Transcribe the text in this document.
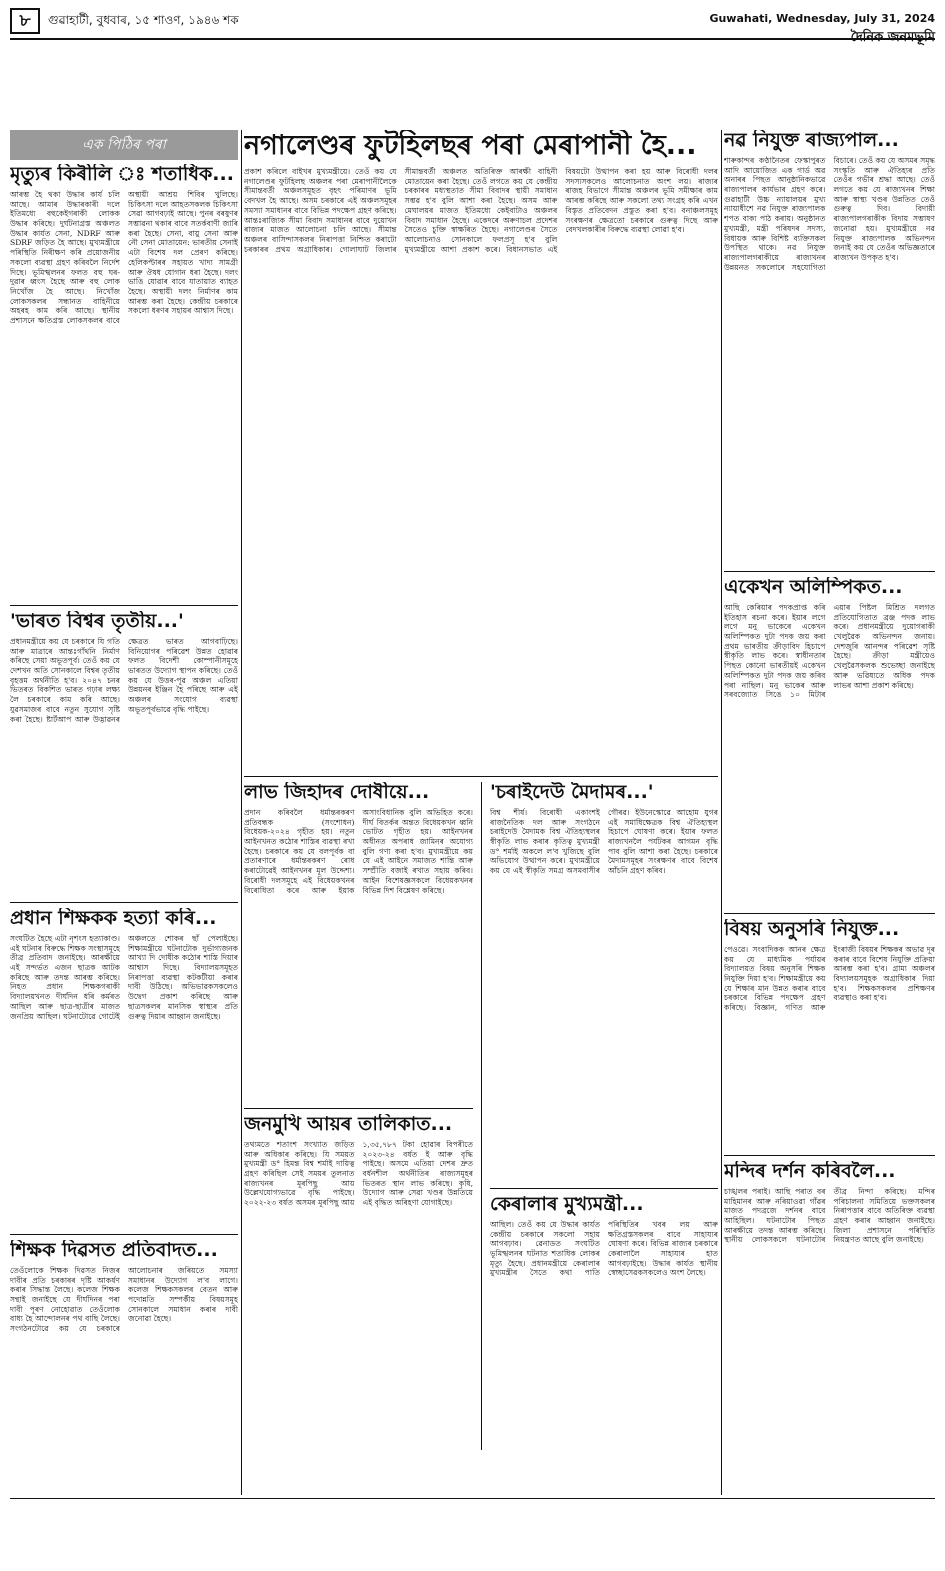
৮	গুৱাহাটী, বুধবাৰ, ১৫ শাওণ, ১৯৪৬ শক	Guwahati, Wednesday, July 31, 2024
এক পিঠিৰ পৰা
মৃত্যুৰ কিৰীলি ঃ শতাধিক...
আৰম্ভ হৈ থকা উদ্ধাৰ কাৰ্য চলি আছে। আমাৰ উদ্ধাৰকাৰী দলে ইতিমধ্যে বহুকেইগৰাকী লোকক উদ্ধাৰ কৰিছে। দুৰ্ঘটনাগ্ৰস্ত অঞ্চলত উদ্ধাৰ কাৰ্যত সেনা, NDRF আৰু SDRF জড়িত হৈ আছে। মুখ্যমন্ত্ৰীয়ে পৰিস্থিতি নিৰীক্ষণ কৰি প্ৰয়োজনীয় সকলো ব্যৱস্থা গ্ৰহণ কৰিবলৈ নিৰ্দেশ দিছে। ভূমিস্খলনৰ ফলত বহু ঘৰ-দুৱাৰ ধ্বংস হৈছে আৰু বহু লোক নিখোঁজ হৈ আছে। নিখোঁজ লোকসকলৰ সন্ধানত বাহিনীয়ে অহৰহ কাম কৰি আছে। স্থানীয় প্ৰশাসনে ক্ষতিগ্ৰস্ত লোকসকলৰ বাবে অস্থায়ী আশ্ৰয় শিবিৰ খুলিছে। চিকিৎসা দলে আহতসকলক চিকিৎসা সেৱা আগবঢ়াই আছে। পুনৰ বৰষুণৰ সম্ভাৱনা থকাৰ বাবে সতৰ্কবাণী জাৰি কৰা হৈছে। সেনা, বায়ু সেনা আৰু নৌ সেনা মোতায়েন: ভাৰতীয় সেনাই এটা বিশেষ দল প্ৰেৰণ কৰিছে। হেলিকপ্টাৰৰ সহায়ত খাদ্য সামগ্ৰী আৰু ঔষধ যোগান ধৰা হৈছে। দলং ভাঙি যোৱাৰ বাবে যাতায়াত ব্যাহত হৈছে। অস্থায়ী দলং নিৰ্মাণৰ কাম আৰম্ভ কৰা হৈছে। কেন্দ্ৰীয় চৰকাৰে সকলো ধৰণৰ সহায়ৰ আশ্বাস দিছে।
'ভাৰত বিশ্বৰ তৃতীয়...'
প্ৰধানমন্ত্ৰীয়ে কয় যে চৰকাৰে যি গতি আৰু মাত্ৰাৰে আন্তঃগাঁথনি নিৰ্মাণ কৰিছে সেয়া অভূতপূৰ্ব। তেওঁ কয় যে দেশখন অতি সোনকালে বিশ্বৰ তৃতীয় বৃহত্তম অৰ্থনীতি হ'ব। ২০৪৭ চনৰ ভিতৰত বিকশিত ভাৰত গঢ়াৰ লক্ষ্য লৈ চৰকাৰে কাম কৰি আছে। যুৱসমাজৰ বাবে নতুন সুযোগ সৃষ্টি কৰা হৈছে। ষ্টাৰ্টআপ আৰু উদ্ভাৱনৰ ক্ষেত্ৰত ভাৰত আগবাঢ়িছে। বিনিয়োগৰ পৰিৱেশ উন্নত হোৱাৰ ফলত বিদেশী কোম্পানীসমূহে ভাৰতত উদ্যোগ স্থাপন কৰিছে। তেওঁ কয় যে উত্তৰ-পূৱ অঞ্চল এতিয়া উন্নয়নৰ ইঞ্জিন হৈ পৰিছে আৰু এই অঞ্চলৰ সংযোগ ব্যৱস্থা অভূতপূৰ্বভাৱে বৃদ্ধি পাইছে।
প্ৰধান শিক্ষকক হত্যা কৰি...
সংঘটিত হৈছে এটা নৃশংস হত্যাকাণ্ড। এই ঘটনাৰ বিৰুদ্ধে শিক্ষক সংস্থাসমূহে তীব্ৰ প্ৰতিবাদ জনাইছে। আৰক্ষীয়ে এই সন্দৰ্ভত এজন ছাত্ৰক আটক কৰিছে আৰু তদন্ত আৰম্ভ কৰিছে। নিহত প্ৰধান শিক্ষকগৰাকী বিদ্যালয়খনত দীৰ্ঘদিন ধৰি কৰ্মৰত আছিল আৰু ছাত্ৰ-ছাত্ৰীৰ মাজত জনপ্ৰিয় আছিল। ঘটনাটোৱে গোটেই অঞ্চলতে শোকৰ ছাঁ পেলাইছে। শিক্ষামন্ত্ৰীয়ে ঘটনাটোক দুৰ্ভাগ্যজনক আখ্যা দি দোষীক কঠোৰ শাস্তি দিয়াৰ আশ্বাস দিছে। বিদ্যালয়সমূহত নিৰাপত্তা ব্যৱস্থা কটকটীয়া কৰাৰ দাবী উঠিছে। অভিভাৱকসকলেও উদ্বেগ প্ৰকাশ কৰিছে আৰু ছাত্ৰসকলৰ মানসিক স্বাস্থ্যৰ প্ৰতি গুৰুত্ব দিয়াৰ আহ্বান জনাইছে।
শিক্ষক দিৱসত প্ৰতিবাদত...
তেওঁলোকে শিক্ষক দিৱসত নিজৰ দাবীৰ প্ৰতি চৰকাৰৰ দৃষ্টি আকৰ্ষণ কৰাৰ সিদ্ধান্ত লৈছে। কলেজ শিক্ষক সন্থাই জনাইছে যে দীৰ্ঘদিনৰ পৰা দাবী পূৰণ নোহোৱাত তেওঁলোক বাধ্য হৈ আন্দোলনৰ পথ বাছি লৈছে। সংগঠনটোৱে কয় যে চৰকাৰে আলোচনাৰ জৰিয়তে সমস্যা সমাধানৰ উদ্যোগ ল'ব লাগে। কলেজ শিক্ষকসকলৰ বেতন আৰু পদোন্নতি সম্পৰ্কীয় বিষয়সমূহ সোনকালে সমাধান কৰাৰ দাবী জনোৱা হৈছে।
নগালেণ্ডৰ ফুটহিলছৰ পৰা মেৰাপানী হৈ...
প্ৰকাশ কৰিলে বাইখৰ মুখ্যমন্ত্ৰীয়ে। তেওঁ কয় যে নগালেণ্ডৰ ফুটহিলছ অঞ্চলৰ পৰা মেৰাপানীলৈকে সীমান্তবৰ্তী অঞ্চলসমূহত বৃহৎ পৰিমাণৰ ভূমি বেদখল হৈ আছে। অসম চৰকাৰে এই অঞ্চলসমূহৰ সমস্যা সমাধানৰ বাবে বিভিন্ন পদক্ষেপ গ্ৰহণ কৰিছে। আন্তঃৰাজ্যিক সীমা বিবাদ সমাধানৰ বাবে দুয়োখন ৰাজ্যৰ মাজত আলোচনা চলি আছে। সীমান্ত অঞ্চলৰ বাসিন্দাসকলৰ নিৰাপত্তা নিশ্চিত কৰাটো চৰকাৰৰ প্ৰথম অগ্ৰাধিকাৰ। গোলাঘাট জিলাৰ সীমান্তবৰ্তী অঞ্চলত অতিৰিক্ত আৰক্ষী বাহিনী মোতায়েন কৰা হৈছে। তেওঁ লগতে কয় যে কেন্দ্ৰীয় চৰকাৰৰ মধ্যস্থতাত সীমা বিবাদৰ স্থায়ী সমাধান সম্ভৱ হ'ব বুলি আশা কৰা হৈছে। অসম আৰু মেঘালয়ৰ মাজত ইতিমধ্যে কেইবাটাও অঞ্চলৰ বিবাদ সমাধান হৈছে। একেদৰে অৰুণাচল প্ৰদেশৰ সৈতেও চুক্তি স্বাক্ষৰিত হৈছে। নগালেণ্ডৰ সৈতে আলোচনাও সোনকালে ফলপ্ৰসূ হ'ব বুলি মুখ্যমন্ত্ৰীয়ে আশা প্ৰকাশ কৰে। বিধানসভাত এই বিষয়টো উত্থাপন কৰা হয় আৰু বিৰোধী দলৰ সদস্যসকলেও আলোচনাত অংশ লয়। ৰাজ্যৰ ৰাজহ বিভাগে সীমান্ত অঞ্চলৰ ভূমি সমীক্ষাৰ কাম আৰম্ভ কৰিছে আৰু সকলো তথ্য সংগ্ৰহ কৰি এখন বিস্তৃত প্ৰতিবেদন প্ৰস্তুত কৰা হ'ব। বনাঞ্চলসমূহ সংৰক্ষণৰ ক্ষেত্ৰতো চৰকাৰে গুৰুত্ব দিছে আৰু বেদখলকাৰীৰ বিৰুদ্ধে ব্যৱস্থা লোৱা হ'ব।
লাভ জিহাদৰ দোষীয়ে...
প্ৰদান কৰিবলৈ ধৰ্মান্তৰকৰণ প্ৰতিবন্ধক (সংশোধন) বিধেয়ক-২০২৪ গৃহীত হয়। নতুন আইনখনত কঠোৰ শাস্তিৰ ব্যৱস্থা ৰখা হৈছে। চৰকাৰে কয় যে বলপূৰ্বক বা প্ৰতাৰণাৰে ধৰ্মান্তৰকৰণ ৰোধ কৰাটোৱেই আইনখনৰ মূল উদ্দেশ্য। বিৰোধী দলসমূহে এই বিধেয়কখনৰ বিৰোধিতা কৰে আৰু ইয়াক অসাংবিধানিক বুলি অভিহিত কৰে। দীৰ্ঘ বিতৰ্কৰ অন্তত বিধেয়কখন ধ্বনি ভোটত গৃহীত হয়। আইনখনৰ অধীনত অপৰাধ জামিনৰ অযোগ্য বুলি গণ্য কৰা হ'ব। মুখ্যমন্ত্ৰীয়ে কয় যে এই আইনে সমাজত শান্তি আৰু সম্প্ৰীতি বজাই ৰখাত সহায় কৰিব। আইন বিশেষজ্ঞসকলে বিধেয়কখনৰ বিভিন্ন দিশ বিশ্লেষণ কৰিছে।
জনমুখি আয়ৰ তালিকাত...
তথ্যমতে শতাংশ সংখ্যাত জড়িত আৰু অধিকাৰ কৰিছে। যি সময়ত মুখ্যমন্ত্ৰী ড° হিমন্ত বিশ্ব শৰ্মাই দায়িত্ব গ্ৰহণ কৰিছিল সেই সময়ৰ তুলনাত ৰাজ্যখনৰ মূৰপিছু আয় উল্লেখযোগ্যভাৱে বৃদ্ধি পাইছে। ২০২২-২৩ বৰ্ষত অসমৰ মূৰপিছু আয় ১,৩৫,৭৮৭ টকা হোৱাৰ বিপৰীতে ২০২৩-২৪ বৰ্ষত ই আৰু বৃদ্ধি পাইছে। অসমে এতিয়া দেশৰ দ্ৰুত বৰ্ধনশীল অৰ্থনীতিৰ ৰাজ্যসমূহৰ ভিতৰত স্থান লাভ কৰিছে। কৃষি, উদ্যোগ আৰু সেৱা খণ্ডৰ উন্নতিয়ে এই বৃদ্ধিত অৰিহণা যোগাইছে।
'চৰাইদেউ মৈদামৰ...'
বিশ্ব শীৰ্ষ। বিৰোধী একাংশই ৰাজনৈতিক দল আৰু সংগঠনে চৰাইদেউ মৈদামক বিশ্ব ঐতিহ্যস্থলৰ স্বীকৃতি লাভ কৰাৰ কৃতিত্ব মুখ্যমন্ত্ৰী ড° শৰ্মাই অকলে ল'ব খুজিছে বুলি অভিযোগ উত্থাপন কৰে। মুখ্যমন্ত্ৰীয়ে কয় যে এই স্বীকৃতি সমগ্ৰ অসমবাসীৰ গৌৰৱ। ইউনেস্কোৱে আহোম যুগৰ এই সমাধিক্ষেত্ৰক বিশ্ব ঐতিহ্যস্থল হিচাপে ঘোষণা কৰে। ইয়াৰ ফলত ৰাজ্যখনলৈ পৰ্যটকৰ আগমন বৃদ্ধি পাব বুলি আশা কৰা হৈছে। চৰকাৰে মৈদামসমূহৰ সংৰক্ষণৰ বাবে বিশেষ আঁচনি গ্ৰহণ কৰিব।
কেৰালাৰ মুখ্যমন্ত্ৰী...
আছিল। তেওঁ কয় যে উদ্ধাৰ কাৰ্যত কেন্দ্ৰীয় চৰকাৰে সকলো সহায় আগবঢ়াব। ৱেনাডত সংঘটিত ভূমিস্খলনৰ ঘটনাত শতাধিক লোকৰ মৃত্যু হৈছে। প্ৰধানমন্ত্ৰীয়ে কেৰালাৰ মুখ্যমন্ত্ৰীৰ সৈতে কথা পাতি পৰিস্থিতিৰ খবৰ লয় আৰু ক্ষতিগ্ৰস্তসকলৰ বাবে সাহায্যৰ ঘোষণা কৰে। বিভিন্ন ৰাজ্যৰ চৰকাৰে কেৰালালৈ সাহায্যৰ হাত আগবঢ়াইছে। উদ্ধাৰ কাৰ্যত স্থানীয় স্বেচ্ছাসেৱকসকলেও অংশ লৈছে।
নৱ নিযুক্ত ৰাজ্যপাল...
শাৰুকান্দৰ কণ্ঠানৈতৰ ফেস্কাপুৰত আদি আয়োজিত এক গাৰ্ড অৱ অনাৰৰ পিছত আনুষ্ঠানিকভাৱে ৰাজ্যপালৰ কাৰ্যভাৰ গ্ৰহণ কৰে। গুৱাহাটী উচ্চ ন্যায়ালয়ৰ মুখ্য ন্যায়াধীশে নৱ নিযুক্ত ৰাজ্যপালক শপত বাক্য পাঠ কৰায়। অনুষ্ঠানত মুখ্যমন্ত্ৰী, মন্ত্ৰী পৰিষদৰ সদস্য, বিধায়ক আৰু বিশিষ্ট ব্যক্তিসকল উপস্থিত থাকে। নৱ নিযুক্ত ৰাজ্যপালগৰাকীয়ে ৰাজ্যখনৰ উন্নয়নত সকলোৰে সহযোগিতা বিচাৰে। তেওঁ কয় যে অসমৰ সমৃদ্ধ সংস্কৃতি আৰু ঐতিহ্যৰ প্ৰতি তেওঁৰ গভীৰ শ্ৰদ্ধা আছে। তেওঁ লগতে কয় যে ৰাজ্যখনৰ শিক্ষা আৰু স্বাস্থ্য খণ্ডৰ উন্নতিত তেওঁ গুৰুত্ব দিব। বিদায়ী ৰাজ্যপালগৰাকীক বিদায় সম্ভাষণ জনোৱা হয়। মুখ্যমন্ত্ৰীয়ে নৱ নিযুক্ত ৰাজ্যপালক অভিনন্দন জনাই কয় যে তেওঁৰ অভিজ্ঞতাৰে ৰাজ্যখন উপকৃত হ'ব।
একেখন অলিম্পিকত...
আছি কেৰিয়াৰ পদকপ্ৰাপ্ত কৰি ইতিহাস ৰচনা কৰে। ইয়াৰ লগে লগে মনু ভাকেৰে একেখন অলিম্পিকত দুটা পদক জয় কৰা প্ৰথম ভাৰতীয় ক্ৰীড়াবিদ হিচাপে স্বীকৃতি লাভ কৰে। স্বাধীনতাৰ পিছত কোনো ভাৰতীয়ই একেখন অলিম্পিকত দুটা পদক জয় কৰিব পৰা নাছিল। মনু ভাকেৰ আৰু সৰবজ্যোত সিঙে ১০ মিটাৰ এয়াৰ পিষ্টল মিশ্ৰিত দলগত প্ৰতিযোগিতাত ব্ৰঞ্জ পদক লাভ কৰে। প্ৰধানমন্ত্ৰীয়ে দুয়োগৰাকী খেলুৱৈক অভিনন্দন জনায়। দেশজুৰি আনন্দৰ পৰিৱেশ সৃষ্টি হৈছে। ক্ৰীড়া মন্ত্ৰীয়েও খেলুৱৈসকলক শুভেচ্ছা জনাইছে আৰু ভৱিষ্যতে অধিক পদক লাভৰ আশা প্ৰকাশ কৰিছে।
বিষয় অনুসৰি নিযুক্ত...
পেওৱে। সংবাদিকক আনৰ ক্ষেত্ৰ কয় যে মাধ্যমিক পৰ্যায়ৰ বিদ্যালয়ত বিষয় অনুসৰি শিক্ষক নিযুক্তি দিয়া হ'ব। শিক্ষামন্ত্ৰীয়ে কয় যে শিক্ষাৰ মান উন্নত কৰাৰ বাবে চৰকাৰে বিভিন্ন পদক্ষেপ গ্ৰহণ কৰিছে। বিজ্ঞান, গণিত আৰু ইংৰাজী বিষয়ৰ শিক্ষকৰ অভাৱ দূৰ কৰাৰ বাবে বিশেষ নিযুক্তি প্ৰক্ৰিয়া আৰম্ভ কৰা হ'ব। গ্ৰাম্য অঞ্চলৰ বিদ্যালয়সমূহক অগ্ৰাধিকাৰ দিয়া হ'ব। শিক্ষকসকলৰ প্ৰশিক্ষণৰ ব্যৱস্থাও কৰা হ'ব।
মন্দিৰ দৰ্শন কৰিবলৈ...
চাঙ্খলৰ পৰাই। আছি পৰাত বৰ মাহিমানৰ আৰু নৰিয়াওৱা গাঁৱৰ মাজত পদব্ৰজে দৰ্শনৰ বাবে আহিছিল। ঘটনাটোৰ পিছত আৰক্ষীয়ে তদন্ত আৰম্ভ কৰিছে। স্থানীয় লোকসকলে ঘটনাটোৰ তীব্ৰ নিন্দা কৰিছে। মন্দিৰ পৰিচালনা সমিতিয়ে ভক্তসকলৰ নিৰাপত্তাৰ বাবে অতিৰিক্ত ব্যৱস্থা গ্ৰহণ কৰাৰ আহ্বান জনাইছে। জিলা প্ৰশাসনে পৰিস্থিতি নিয়ন্ত্ৰণত আছে বুলি জনাইছে।
